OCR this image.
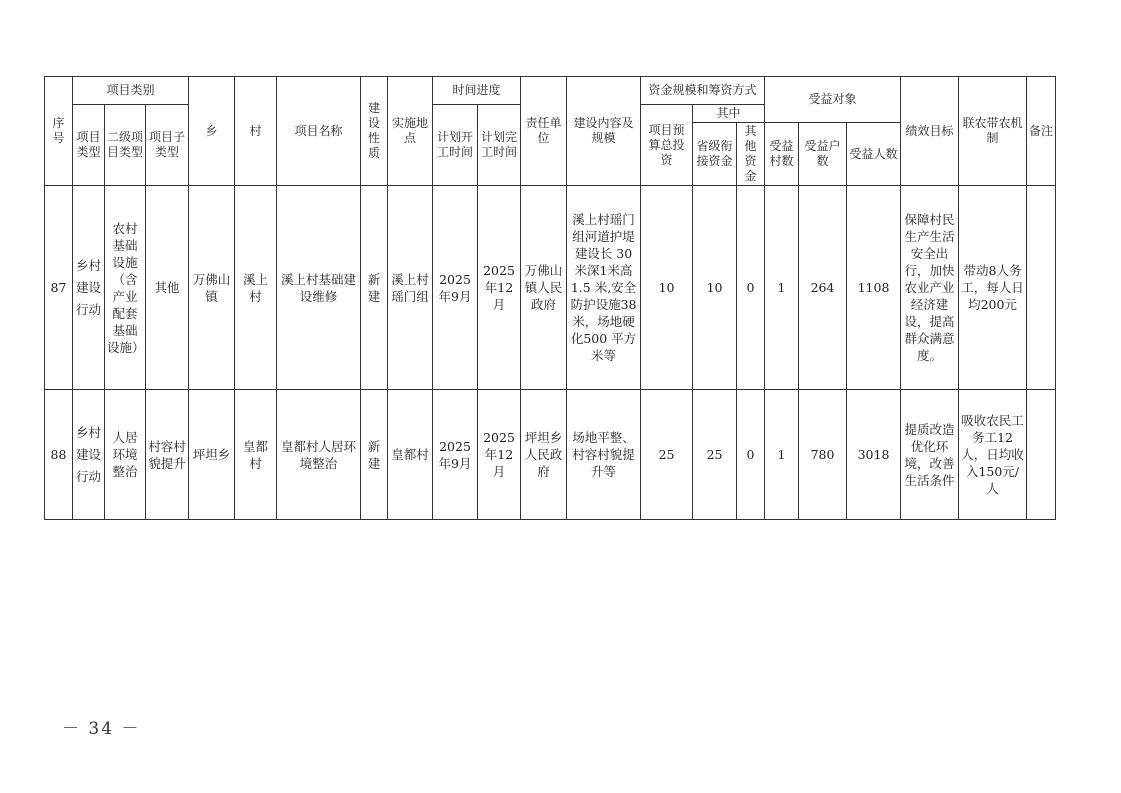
序号	项目类别			乡	村	项目名称	建设性质	实施地点	时间进度		责任单位	建设内容及规模	资金规模和筹资方式			受益对象			绩效目标	联农带农机制	备注
	项目类型	二级项目类型	项目子类型						计划开工时间	计划完工时间			项目预算总投资	其中							
														省级衔接资金	其他资金	受益村数	受益户数	受益人数			
87	乡村建设行动	农村基础设施（含产业配套基础设施）	其他	万佛山镇	溪上村	溪上村基础建设维修	新建	溪上村瑶门组	2025年9月	2025年12月	万佛山镇人民政府	溪上村瑶门组河道护堤建设长 30 米深1米高1.5 米,安全防护设施38 米，场地硬化500 平方米等	10	10	0	1	264	1108	保障村民生产生活安全出行，加快农业产业经济建设，提高群众满意度。	带动8人务工，每人日均200元	
88	乡村建设行动	人居环境整治	村容村貌提升	坪坦乡	皇都村	皇都村人居环境整治	新建	皇都村	2025年9月	2025年12月	坪坦乡人民政府	场地平整、村容村貌提升等	25	25	0	1	780	3018	提质改造优化环境，改善生活条件	吸收农民工务工12人，日均收入150元/人	
－ 34 －
